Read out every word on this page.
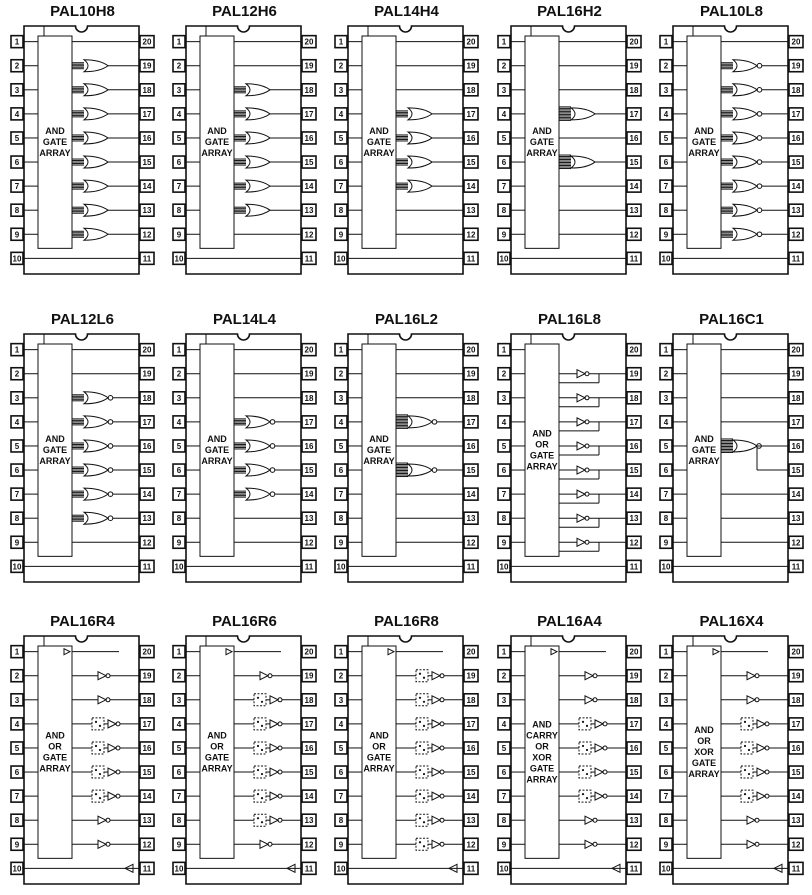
PAL10H8
1	20
2	19
3	18
4	17
5	16
6	15
7	14
8	13
9	12
10	11
AND
GATE
ARRAY
PAL12H6
1	20
2	19
3	18
4	17
5	16
6	15
7	14
8	13
9	12
10	11
AND
GATE
ARRAY
PAL14H4
1	20
2	19
3	18
4	17
5	16
6	15
7	14
8	13
9	12
10	11
AND
GATE
ARRAY
PAL16H2
1	20
2	19
3	18
4	17
5	16
6	15
7	14
8	13
9	12
10	11
AND
GATE
ARRAY
PAL10L8
1	20
2	19
3	18
4	17
5	16
6	15
7	14
8	13
9	12
10	11
AND
GATE
ARRAY
PAL12L6
1	20
2	19
3	18
4	17
5	16
6	15
7	14
8	13
9	12
10	11
AND
GATE
ARRAY
PAL14L4
1	20
2	19
3	18
4	17
5	16
6	15
7	14
8	13
9	12
10	11
AND
GATE
ARRAY
PAL16L2
1	20
2	19
3	18
4	17
5	16
6	15
7	14
8	13
9	12
10	11
AND
GATE
ARRAY
PAL16L8
1	20
2	19
3	18
4	17
5	16
6	15
7	14
8	13
9	12
10	11
AND
OR
GATE
ARRAY
PAL16C1
1	20
2	19
3	18
4	17
5	16
6	15
7	14
8	13
9	12
10	11
AND
GATE
ARRAY
PAL16R4
1	20
2	19
3	18
4	17
5	16
6	15
7	14
8	13
9	12
10	11
AND
OR
GATE
ARRAY
PAL16R6
1	20
2	19
3	18
4	17
5	16
6	15
7	14
8	13
9	12
10	11
AND
OR
GATE
ARRAY
PAL16R8
1	20
2	19
3	18
4	17
5	16
6	15
7	14
8	13
9	12
10	11
AND
OR
GATE
ARRAY
PAL16A4
1	20
2	19
3	18
4	17
5	16
6	15
7	14
8	13
9	12
10	11
AND
CARRY
OR
XOR
GATE
ARRAY
PAL16X4
1	20
2	19
3	18
4	17
5	16
6	15
7	14
8	13
9	12
10	11
AND
OR
XOR
GATE
ARRAY
